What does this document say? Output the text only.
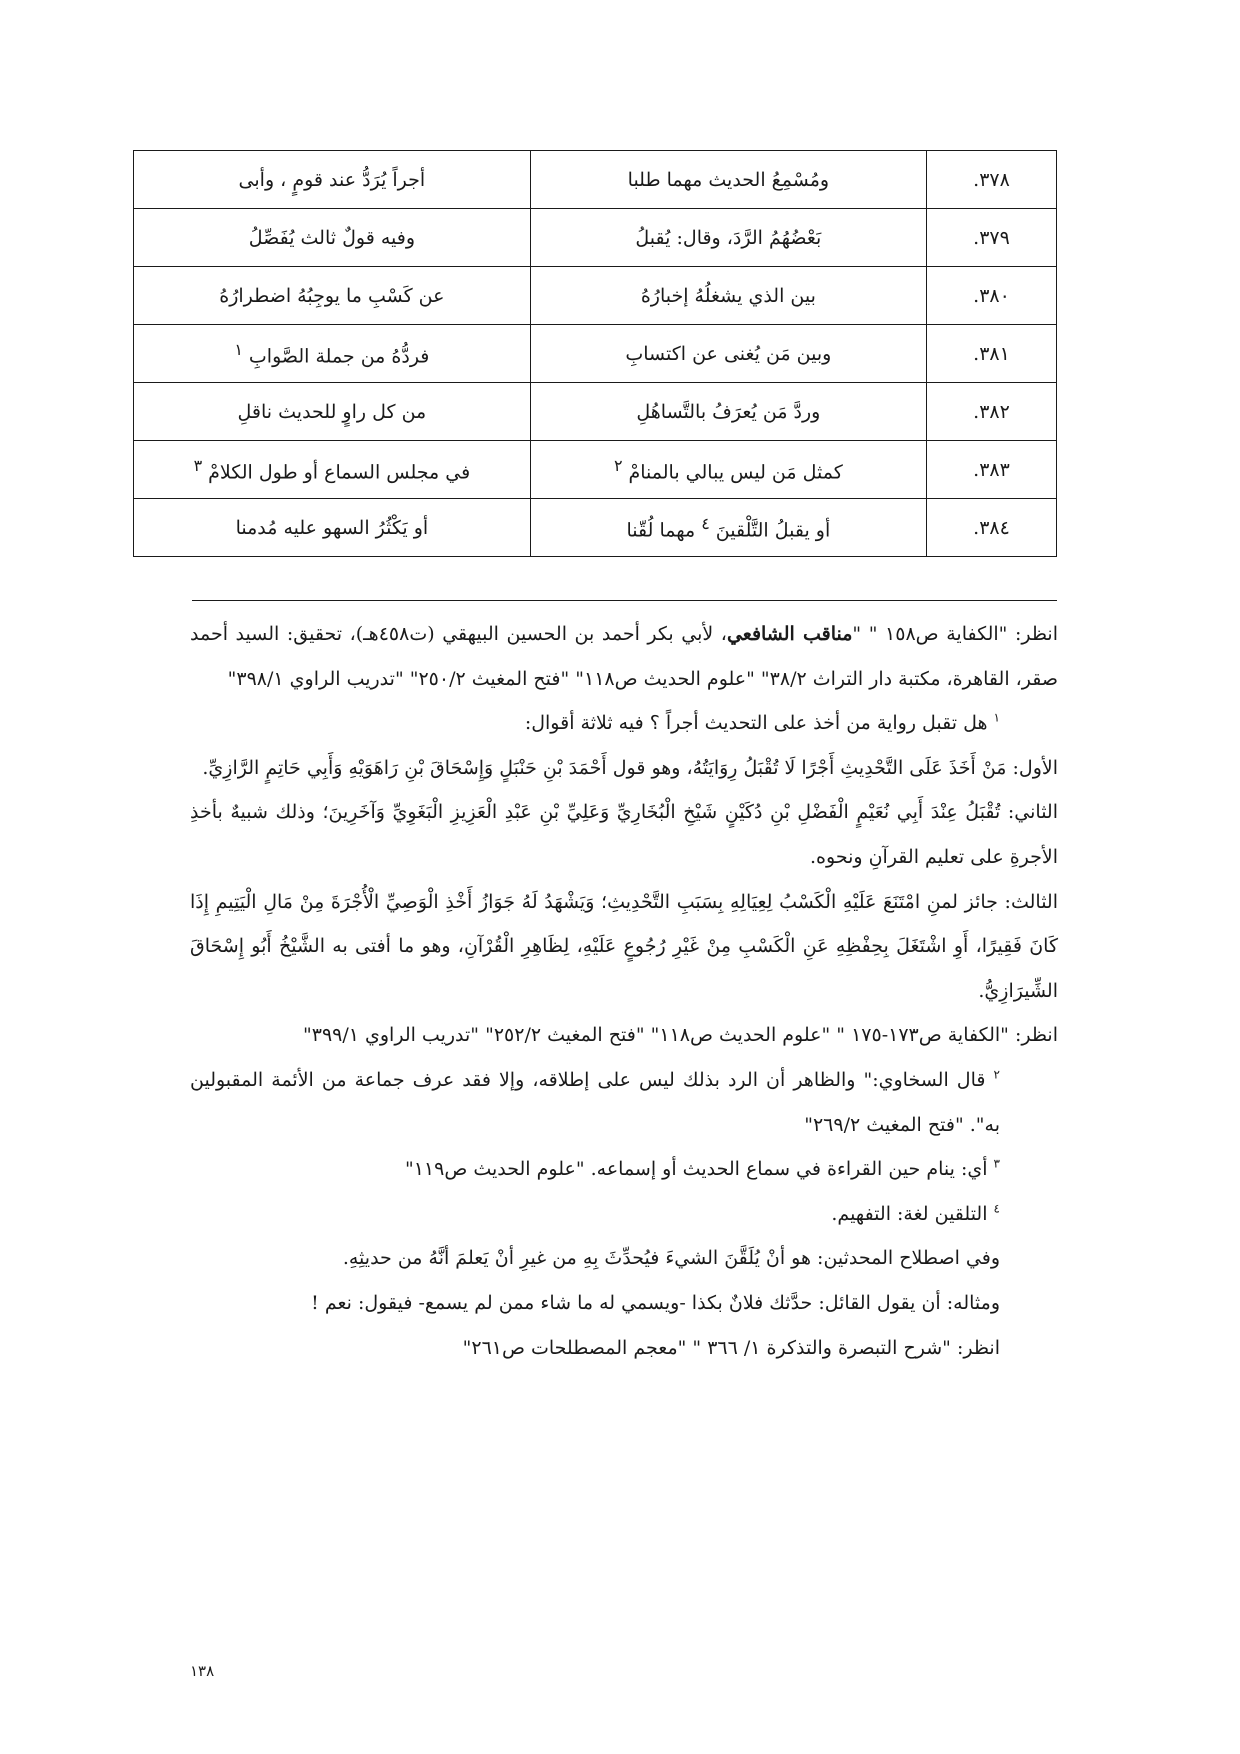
٣٧٨.	ومُسْمِعُ الحديث مهما طلبا	أجراً يُرَدُّ عند قومٍ ، وأبى
٣٧٩.	بَعْضُهُمُ الرَّدَ، وقال: يُقبلُ	وفيه قولٌ ثالث يُفَصِّلُ
٣٨٠.	بين الذي يشغلُهُ إخبارُهُ	عن كَسْبِ ما يوجِبُهُ اضطرارُهُ
٣٨١.	وبين مَن يُغنى عن اكتسابِ	فردُّهُ من جملة الصَّوابِ $^١$
٣٨٢.	وردَّ مَن يُعرَفُ بالتَّساهُلِ	من كل راوٍ للحديث ناقلِ
٣٨٣.	كمثل مَن ليس يبالي بالمنامْ $^٢$	في مجلس السماع أو طول الكلامْ $^٣$
٣٨٤.	أو يقبلُ التَّلْقينَ $^٤$ مهما لُقّنا	أو يَكْثُرُ السهو عليه مُدمنا

انظر: "الكفاية ص١٥٨ " "مناقب الشافعي، لأبي بكر أحمد بن الحسين البيهقي (ت٤٥٨هـ)، تحقيق: السيد أحمد صقر، القاهرة، مكتبة دار التراث ٣٨/٢" "علوم الحديث ص١١٨" "فتح المغيث ٢٥٠/٢" "تدريب الراوي ٣٩٨/١"

$^١$ هل تقبل رواية من أخذ على التحديث أجراً ؟ فيه ثلاثة أقوال:

الأول: مَنْ أَخَذَ عَلَى التَّحْدِيثِ أَجْرًا لَا تُقْبَلُ رِوَايَتُهُ، وهو قول أَحْمَدَ بْنِ حَنْبَلٍ وَإِسْحَاقَ بْنِ رَاهَوَيْهِ وَأَبِي حَاتِمٍ الرَّازِيِّ.

الثاني: تُقْبَلُ عِنْدَ أَبِي نُعَيْمٍ الْفَضْلِ بْنِ دُكَيْنٍ شَيْخِ الْبُخَارِيِّ وَعَلِيِّ بْنِ عَبْدِ الْعَزِيزِ الْبَغَوِيِّ وَآخَرِينَ؛ وذلك شبيهٌ بأخذِ الأجرةِ على تعليم القرآنِ ونحوه.

الثالث: جائز لمنِ امْتَنَعَ عَلَيْهِ الْكَسْبُ لِعِيَالِهِ بِسَبَبِ التَّحْدِيثِ؛ وَيَشْهَدُ لَهُ جَوَازُ أَخْذِ الْوَصِيِّ الْأُجْرَةَ مِنْ مَالِ الْيَتِيمِ إِذَا كَانَ فَقِيرًا، أَوِ اشْتَغَلَ بِحِفْظِهِ عَنِ الْكَسْبِ مِنْ غَيْرِ رُجُوعٍ عَلَيْهِ، لِظَاهِرِ الْقُرْآنِ، وهو ما أفتى به الشَّيْخُ أَبُو إِسْحَاقَ الشِّيرَازِيُّ.

انظر: "الكفاية ص١٧٣-١٧٥ " "علوم الحديث ص١١٨" "فتح المغيث ٢٥٢/٢" "تدريب الراوي ٣٩٩/١"

$^٢$ قال السخاوي:" والظاهر أن الرد بذلك ليس على إطلاقه، وإلا فقد عرف جماعة من الأئمة المقبولين به". "فتح المغيث ٢٦٩/٢"

$^٣$ أي: ينام حين القراءة في سماع الحديث أو إسماعه. "علوم الحديث ص١١٩"

$^٤$ التلقين لغة: التفهيم.

وفي اصطلاح المحدثين: هو أنْ يُلَقَّنَ الشيءَ فيُحدِّثَ بِهِ من غيرِ أنْ يَعلمَ أنَّهُ من حديثِهِ.

ومثاله: أن يقول القائل: حدَّثك فلانٌ بكذا -ويسمي له ما شاء ممن لم يسمع- فيقول: نعم !

انظر: "شرح التبصرة والتذكرة ١/ ٣٦٦ " "معجم المصطلحات ص٢٦١"

١٣٨
